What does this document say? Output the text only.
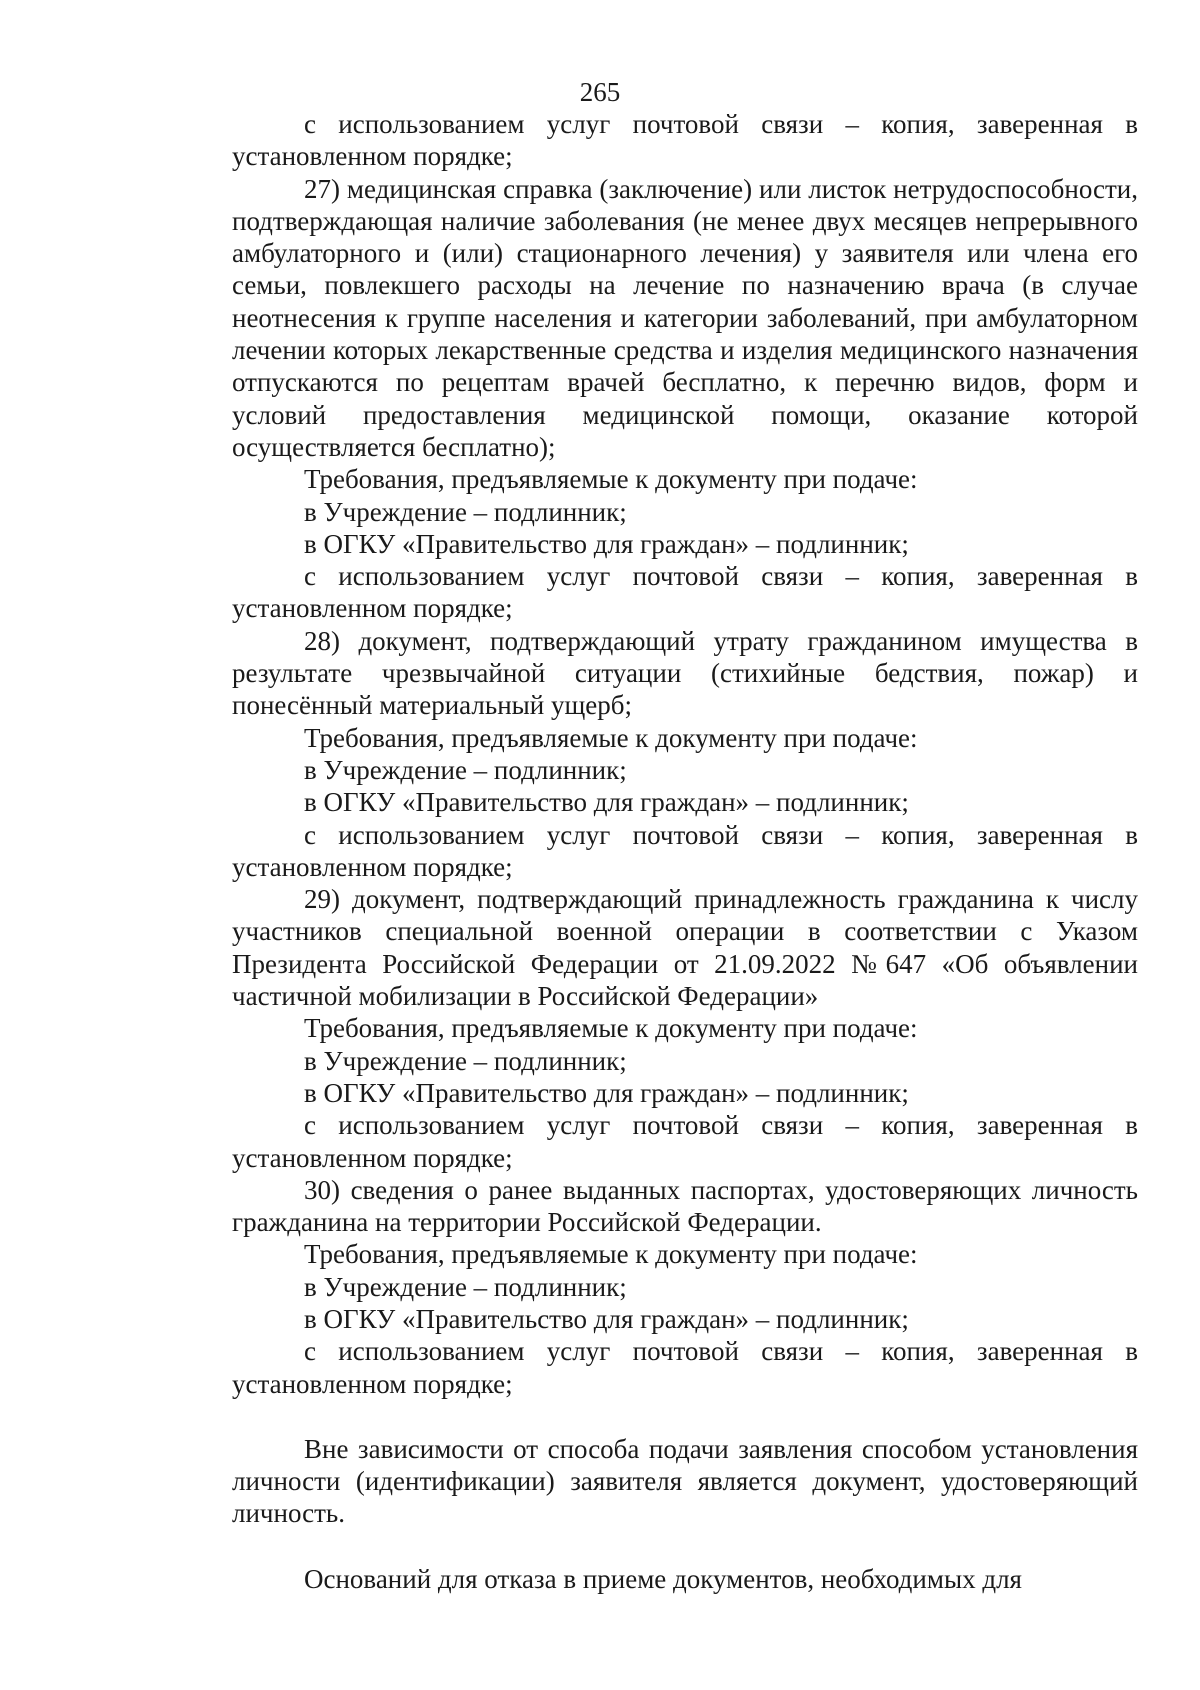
265

с использованием услуг почтовой связи – копия, заверенная в установленном порядке;

27) медицинская справка (заключение) или листок нетрудоспособности, подтверждающая наличие заболевания (не менее двух месяцев непрерывного амбулаторного и (или) стационарного лечения) у заявителя или члена его семьи, повлекшего расходы на лечение по назначению врача (в случае неотнесения к группе населения и категории заболеваний, при амбулаторном лечении которых лекарственные средства и изделия медицинского назначения отпускаются по рецептам врачей бесплатно, к перечню видов, форм и условий предоставления медицинской помощи, оказание которой осуществляется бесплатно);

Требования, предъявляемые к документу при подаче:

в Учреждение – подлинник;

в ОГКУ «Правительство для граждан» – подлинник;

с использованием услуг почтовой связи – копия, заверенная в установленном порядке;

28) документ, подтверждающий утрату гражданином имущества в результате чрезвычайной ситуации (стихийные бедствия, пожар) и понесённый материальный ущерб;

Требования, предъявляемые к документу при подаче:

в Учреждение – подлинник;

в ОГКУ «Правительство для граждан» – подлинник;

с использованием услуг почтовой связи – копия, заверенная в установленном порядке;

29) документ, подтверждающий принадлежность гражданина к числу участников специальной военной операции в соответствии с Указом Президента Российской Федерации от 21.09.2022 №647 «Об объявлении частичной мобилизации в Российской Федерации»

Требования, предъявляемые к документу при подаче:

в Учреждение – подлинник;

в ОГКУ «Правительство для граждан» – подлинник;

с использованием услуг почтовой связи – копия, заверенная в установленном порядке;

30) сведения о ранее выданных паспортах, удостоверяющих личность гражданина на территории Российской Федерации.

Требования, предъявляемые к документу при подаче:

в Учреждение – подлинник;

в ОГКУ «Правительство для граждан» – подлинник;

с использованием услуг почтовой связи – копия, заверенная в установленном порядке;

Вне зависимости от способа подачи заявления способом установления личности (идентификации) заявителя является документ, удостоверяющий личность.

Оснований для отказа в приеме документов, необходимых для
